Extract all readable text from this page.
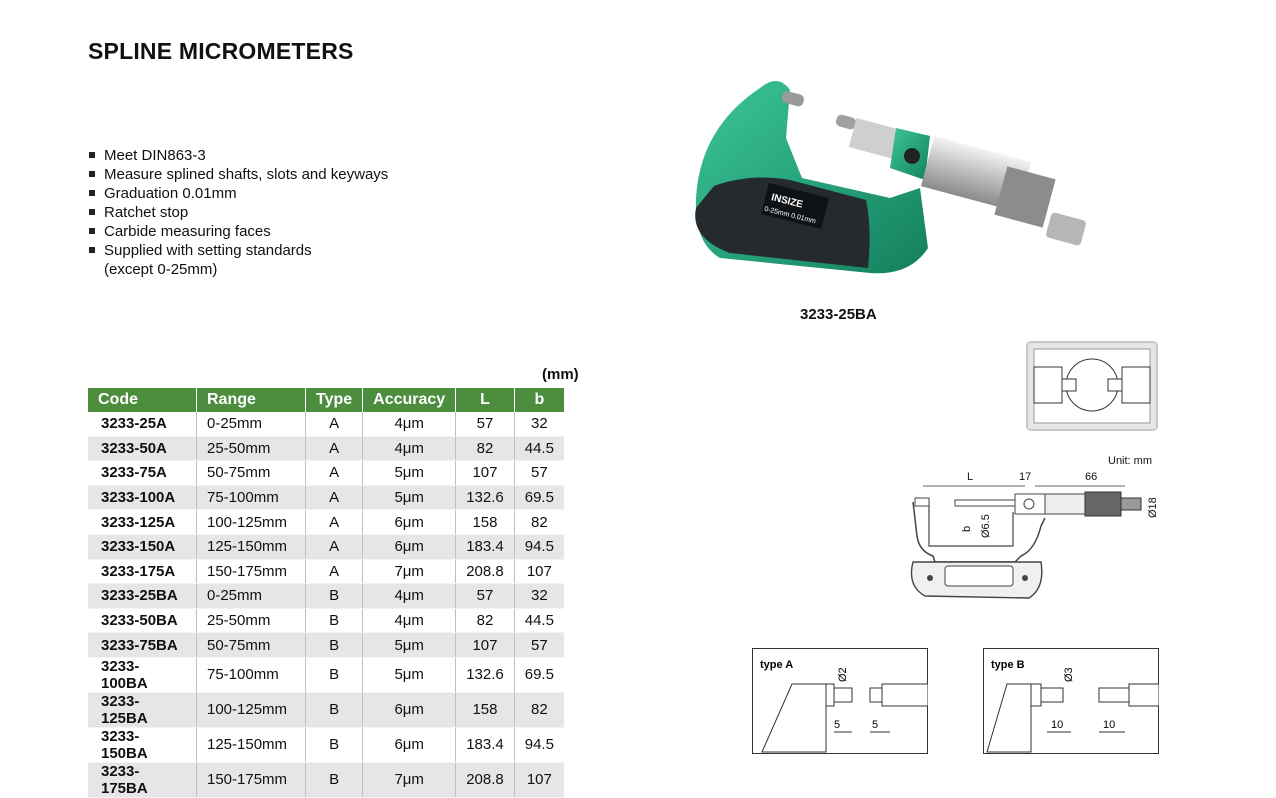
SPLINE MICROMETERS
Meet DIN863-3
Measure splined shafts, slots and keyways
Graduation 0.01mm
Ratchet stop
Carbide measuring faces
Supplied with setting standards
(except 0-25mm)
(mm)
Code	Range	Type	Accuracy	L	b
3233-25A	0-25mm	A	4μm	57	32
3233-50A	25-50mm	A	4μm	82	44.5
3233-75A	50-75mm	A	5μm	107	57
3233-100A	75-100mm	A	5μm	132.6	69.5
3233-125A	100-125mm	A	6μm	158	82
3233-150A	125-150mm	A	6μm	183.4	94.5
3233-175A	150-175mm	A	7μm	208.8	107
3233-25BA	0-25mm	B	4μm	57	32
3233-50BA	25-50mm	B	4μm	82	44.5
3233-75BA	50-75mm	B	5μm	107	57
3233-100BA	75-100mm	B	5μm	132.6	69.5
3233-125BA	100-125mm	B	6μm	158	82
3233-150BA	125-150mm	B	6μm	183.4	94.5
3233-175BA	150-175mm	B	7μm	208.8	107
INSIZE
0-25mm 0.01mm
3233-25BA
Unit: mm
L	17	66
b Ø6.5
Ø18
type A
Ø2
5	5
type B
Ø3
10	10
